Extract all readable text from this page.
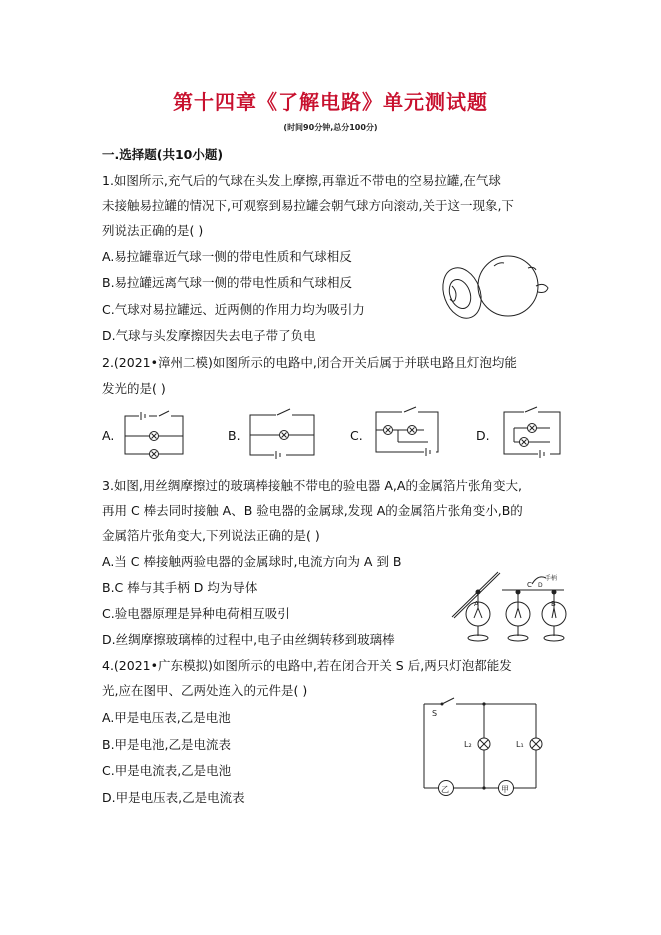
第十四章《了解电路》单元测试题
(时间90分钟,总分100分)
一.选择题(共10小题)
1.如图所示,充气后的气球在头发上摩擦,再靠近不带电的空易拉罐,在气球
未接触易拉罐的情况下,可观察到易拉罐会朝气球方向滚动,关于这一现象,下
列说法正确的是( )
A.易拉罐靠近气球一侧的带电性质和气球相反
B.易拉罐远离气球一侧的带电性质和气球相反
C.气球对易拉罐远、近两侧的作用力均为吸引力
D.气球与头发摩擦因失去电子带了负电
2.(2021•漳州二模)如图所示的电路中,闭合开关后属于并联电路且灯泡均能
发光的是( )
A.	B.	C.	D.
3.如图,用丝绸摩擦过的玻璃棒接触不带电的验电器 A,A的金属箔片张角变大,
再用 C 棒去同时接触 A、B 验电器的金属球,发现 A的金属箔片张角变小,B的
金属箔片张角变大,下列说法正确的是( )
A.当 C 棒接触两验电器的金属球时,电流方向为 A 到 B
B.C 棒与其手柄 D 均为导体
C.验电器原理是异种电荷相互吸引
D.丝绸摩擦玻璃棒的过程中,电子由丝绸转移到玻璃棒
A
C
B
手柄
D
4.(2021•广东模拟)如图所示的电路中,若在闭合开关 S 后,两只灯泡都能发
光,应在图甲、乙两处连入的元件是( )
A.甲是电压表,乙是电池
B.甲是电池,乙是电流表
C.甲是电流表,乙是电池
D.甲是电压表,乙是电流表
S
L₂	L₁
乙	甲
